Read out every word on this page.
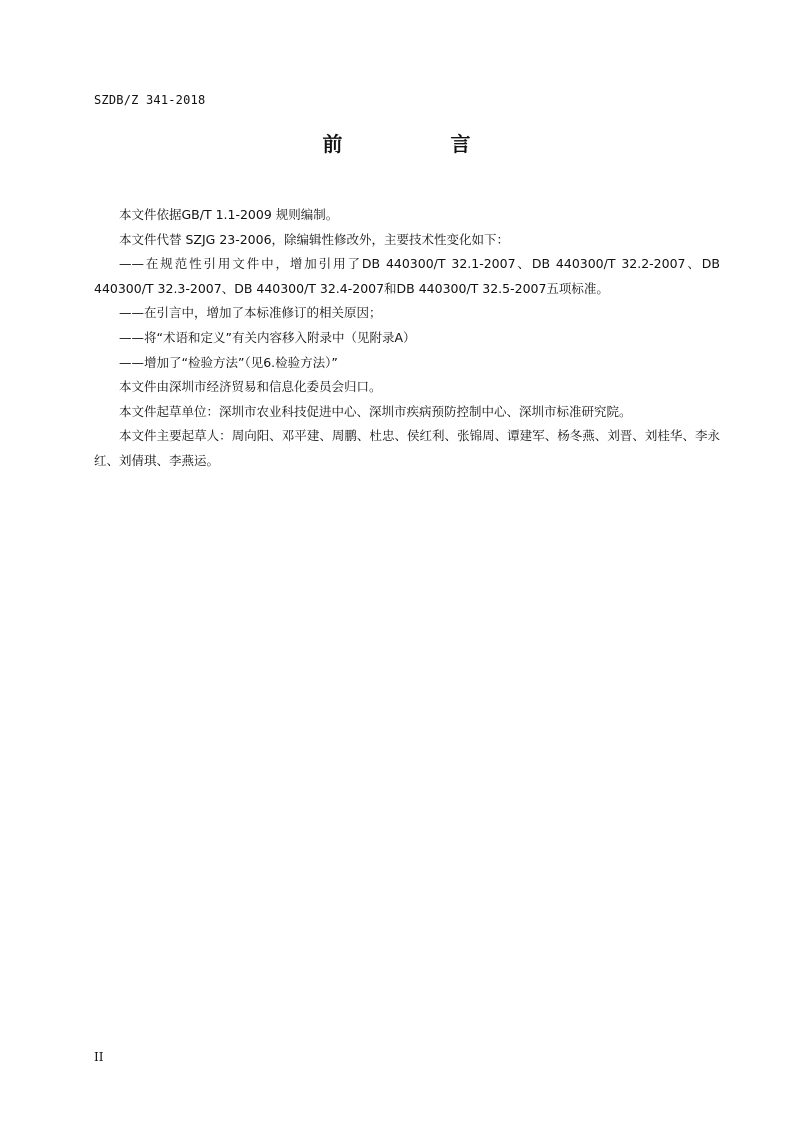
SZDB/Z 341-2018
前　言

本文件依据GB/T 1.1-2009 规则编制。

本文件代替 SZJG 23-2006，除编辑性修改外，主要技术性变化如下：

——在规范性引用文件中，增加引用了DB 440300/T 32.1-2007、DB 440300/T 32.2-2007、DB 440300/T 32.3-2007、DB 440300/T 32.4-2007和DB 440300/T 32.5-2007五项标准。

——在引言中，增加了本标准修订的相关原因；

——将“术语和定义”有关内容移入附录中（见附录A）

——增加了“检验方法”（见6.检验方法）”

本文件由深圳市经济贸易和信息化委员会归口。

本文件起草单位：深圳市农业科技促进中心、深圳市疾病预防控制中心、深圳市标准研究院。

本文件主要起草人：周向阳、邓平建、周鹏、杜忠、侯红利、张锦周、谭建军、杨冬燕、刘晋、刘桂华、李永红、刘倩琪、李燕运。

II
